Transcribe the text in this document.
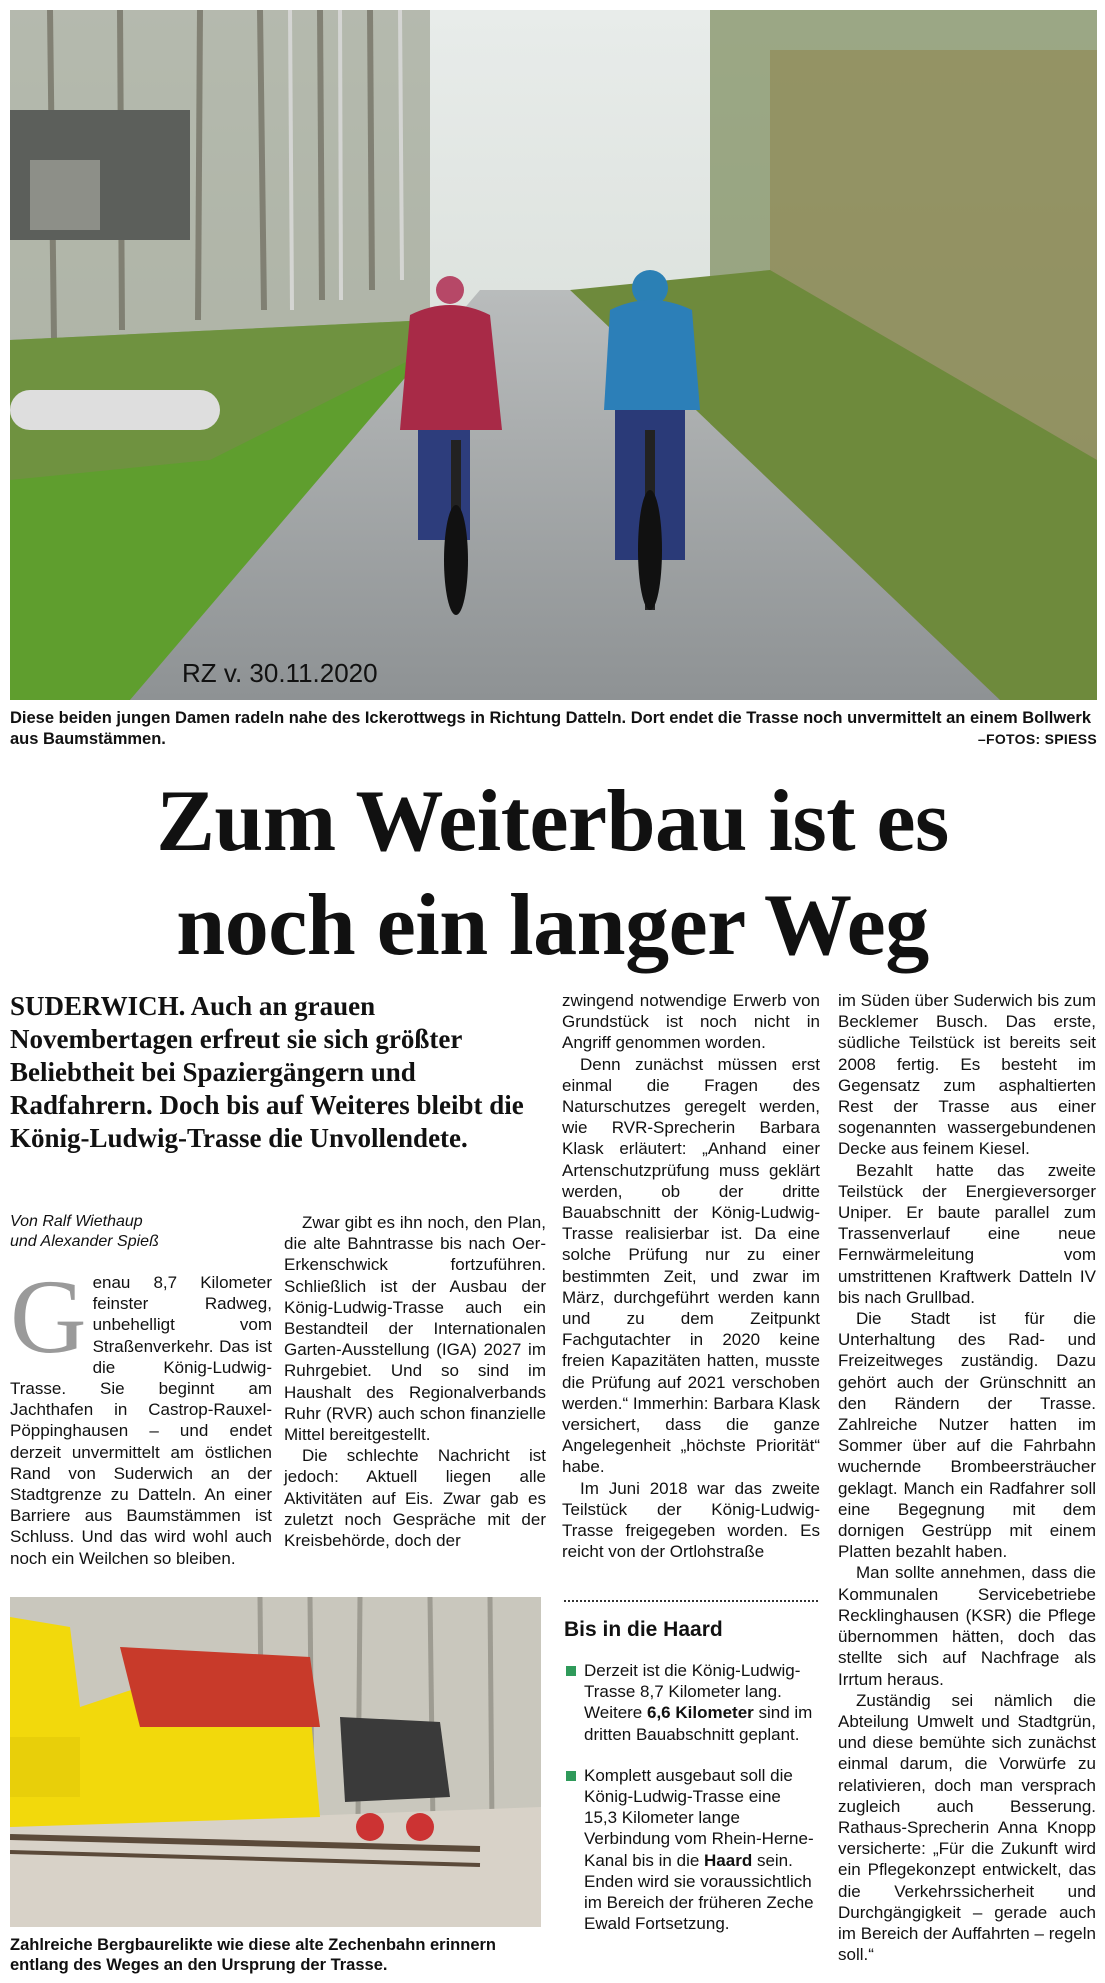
RZ v. 30.11.2020
Diese beiden jungen Damen radeln nahe des Ickerottwegs in Richtung Datteln. Dort endet die Trasse noch unvermittelt an einem Bollwerk aus Baumstämmen.	–FOTOS: SPIESS
Zum Weiterbau ist es
noch ein langer Weg
SUDERWICH. Auch an grauen Novembertagen erfreut sie sich größter Beliebtheit bei Spaziergängern und Radfahrern. Doch bis auf Weiteres bleibt die König-Ludwig-Trasse die Unvollendete.
Von Ralf Wiethaup
und Alexander Spieß

Genau 8,7 Kilometer feinster Radweg, unbehelligt vom Straßenverkehr. Das ist die König-Ludwig-Trasse. Sie beginnt am Jachthafen in Castrop-Rauxel-Pöppinghausen – und endet derzeit unvermittelt am östlichen Rand von Suderwich an der Stadtgrenze zu Datteln. An einer Barriere aus Baumstämmen ist Schluss. Und das wird wohl auch noch ein Weilchen so bleiben.

Zwar gibt es ihn noch, den Plan, die alte Bahntrasse bis nach Oer-Erkenschwick fortzuführen. Schließlich ist der Ausbau der König-Ludwig-Trasse auch ein Bestandteil der Internationalen Garten-Ausstellung (IGA) 2027 im Ruhrgebiet. Und so sind im Haushalt des Regionalverbands Ruhr (RVR) auch schon finanzielle Mittel bereitgestellt.

Die schlechte Nachricht ist jedoch: Aktuell liegen alle Aktivitäten auf Eis. Zwar gab es zuletzt noch Gespräche mit der Kreisbehörde, doch der

zwingend notwendige Erwerb von Grundstück ist noch nicht in Angriff genommen worden.

Denn zunächst müssen erst einmal die Fragen des Naturschutzes geregelt werden, wie RVR-Sprecherin Barbara Klask erläutert: „Anhand einer Artenschutzprüfung muss geklärt werden, ob der dritte Bauabschnitt der König-Ludwig-Trasse realisierbar ist. Da eine solche Prüfung nur zu einer bestimmten Zeit, und zwar im März, durchgeführt werden kann und zu dem Zeitpunkt Fachgutachter in 2020 keine freien Kapazitäten hatten, musste die Prüfung auf 2021 verschoben werden.“ Immerhin: Barbara Klask versichert, dass die ganze Angelegenheit „höchste Priorität“ habe.

Im Juni 2018 war das zweite Teilstück der König-Ludwig-Trasse freigegeben worden. Es reicht von der Ortlohstraße

im Süden über Suderwich bis zum Becklemer Busch. Das erste, südliche Teilstück ist bereits seit 2008 fertig. Es besteht im Gegensatz zum asphaltierten Rest der Trasse aus einer sogenannten wassergebundenen Decke aus feinem Kiesel.

Bezahlt hatte das zweite Teilstück der Energieversorger Uniper. Er baute parallel zum Trassenverlauf eine neue Fernwärmeleitung vom umstrittenen Kraftwerk Datteln IV bis nach Grullbad.

Die Stadt ist für die Unterhaltung des Rad- und Freizeitweges zuständig. Dazu gehört auch der Grünschnitt an den Rändern der Trasse. Zahlreiche Nutzer hatten im Sommer über auf die Fahrbahn wuchernde Brombeersträucher geklagt. Manch ein Radfahrer soll eine Begegnung mit dem dornigen Gestrüpp mit einem Platten bezahlt haben.

Man sollte annehmen, dass die Kommunalen Servicebetriebe Recklinghausen (KSR) die Pflege übernommen hätten, doch das stellte sich auf Nachfrage als Irrtum heraus.

Zuständig sei nämlich die Abteilung Umwelt und Stadtgrün, und diese bemühte sich zunächst einmal darum, die Vorwürfe zu relativieren, doch man versprach zugleich auch Besserung. Rathaus-Sprecherin Anna Knopp versicherte: „Für die Zukunft wird ein Pflegekonzept entwickelt, das die Verkehrssicherheit und Durchgängigkeit – gerade auch im Bereich der Auffahrten – regeln soll.“

Zahlreiche Bergbaurelikte wie diese alte Zechenbahn erinnern entlang des Weges an den Ursprung der Trasse.
Bis in die Haard
Derzeit ist die König-Ludwig-Trasse 8,7 Kilometer lang. Weitere 6,6 Kilometer sind im dritten Bauabschnitt geplant.
Komplett ausgebaut soll die König-Ludwig-Trasse eine 15,3 Kilometer lange Verbindung vom Rhein-Herne-Kanal bis in die Haard sein. Enden wird sie voraussichtlich im Bereich der früheren Zeche Ewald Fortsetzung.
